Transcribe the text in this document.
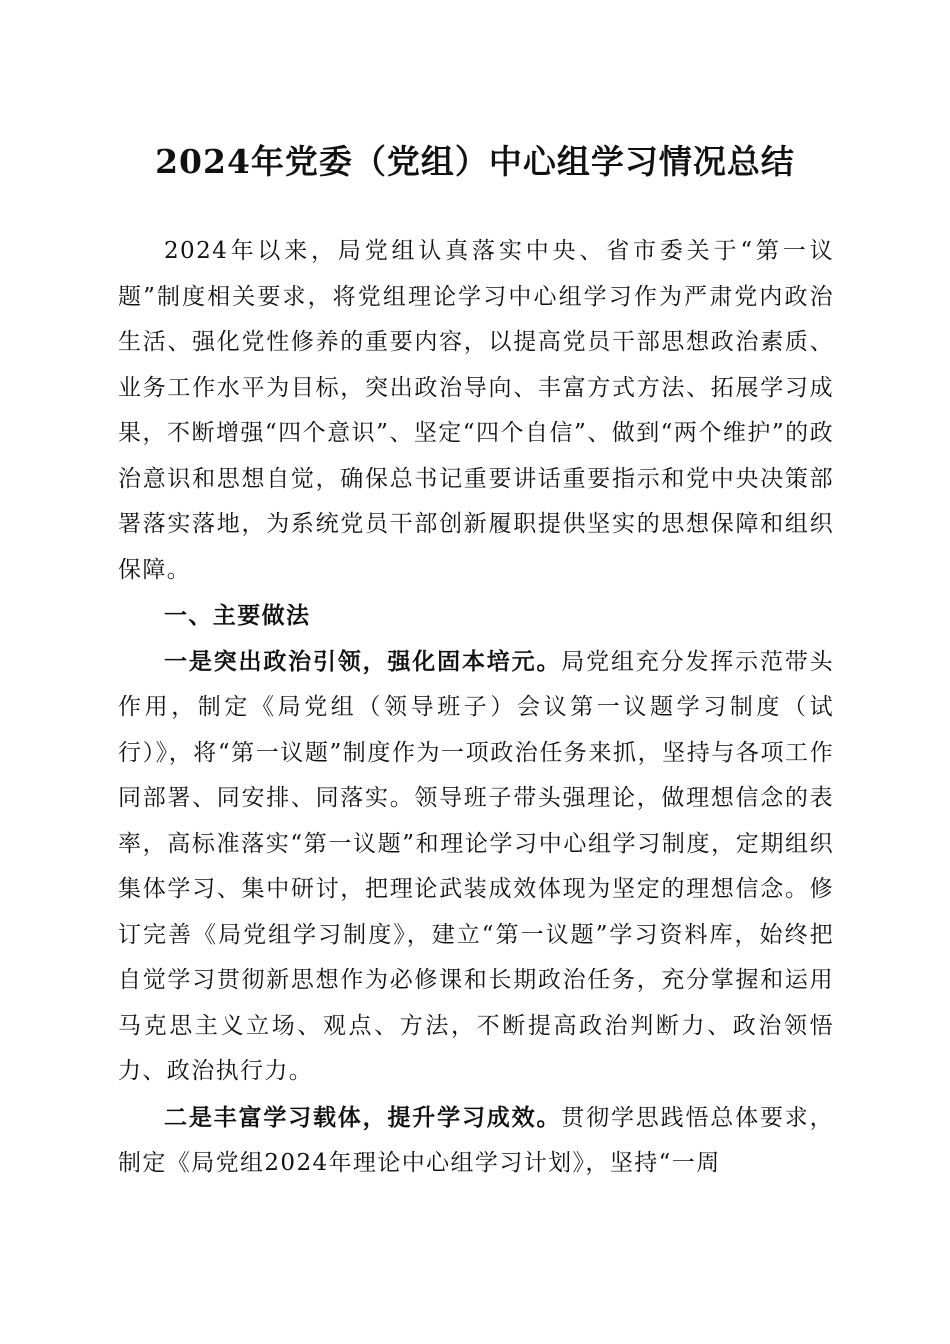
2024年党委（党组）中心组学习情况总结

2024年以来，局党组认真落实中央、省市委关于“第一议题”制度相关要求，将党组理论学习中心组学习作为严肃党内政治生活、强化党性修养的重要内容，以提高党员干部思想政治素质、业务工作水平为目标，突出政治导向、丰富方式方法、拓展学习成果，不断增强“四个意识”、坚定“四个自信”、做到“两个维护”的政治意识和思想自觉，确保总书记重要讲话重要指示和党中央决策部署落实落地，为系统党员干部创新履职提供坚实的思想保障和组织保障。

一、主要做法

一是突出政治引领，强化固本培元。局党组充分发挥示范带头作用，制定《局党组（领导班子）会议第一议题学习制度（试行）》，将“第一议题”制度作为一项政治任务来抓，坚持与各项工作同部署、同安排、同落实。领导班子带头强理论，做理想信念的表率，高标准落实“第一议题”和理论学习中心组学习制度，定期组织集体学习、集中研讨，把理论武装成效体现为坚定的理想信念。修订完善《局党组学习制度》，建立“第一议题”学习资料库，始终把自觉学习贯彻新思想作为必修课和长期政治任务，充分掌握和运用马克思主义立场、观点、方法，不断提高政治判断力、政治领悟力、政治执行力。

二是丰富学习载体，提升学习成效。贯彻学思践悟总体要求，制定《局党组2024年理论中心组学习计划》，坚持“一周
